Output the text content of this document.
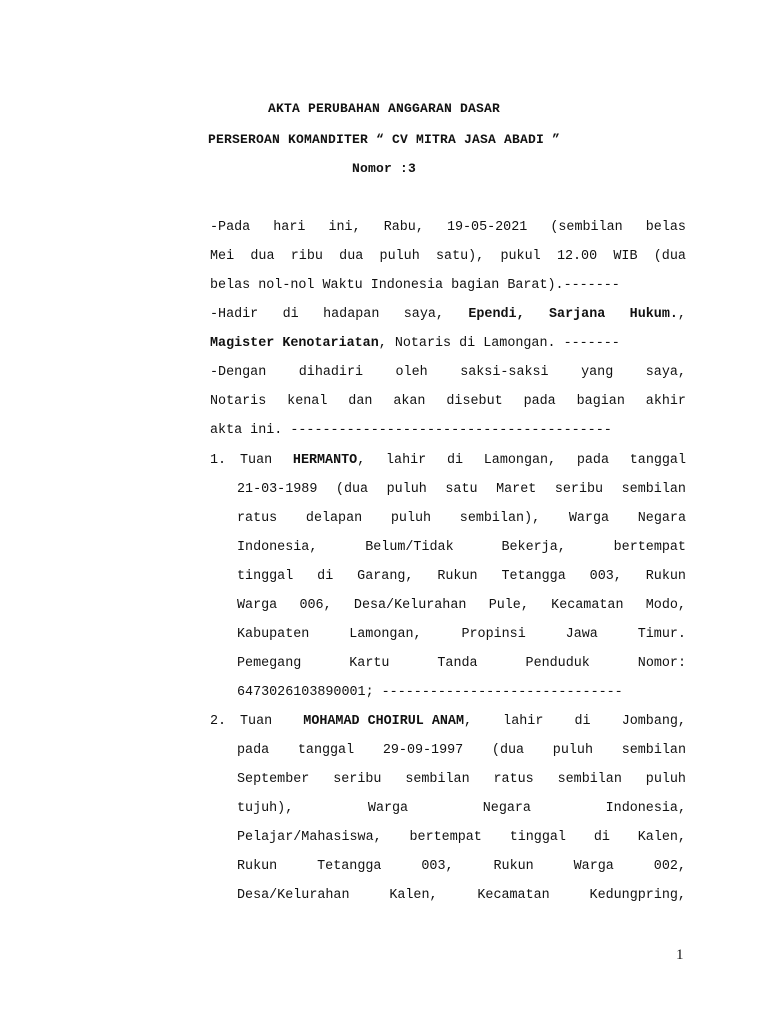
AKTA PERUBAHAN ANGGARAN DASAR
PERSEROAN KOMANDITER “ CV MITRA JASA ABADI ”
Nomor :3
-Pada hari ini, Rabu, 19-05-2021 (sembilan belas
Mei dua ribu dua puluh satu), pukul 12.00 WIB (dua
belas nol-nol Waktu Indonesia bagian Barat).-------
-Hadir di hadapan saya, Ependi, Sarjana Hukum.,
Magister Kenotariatan, Notaris di Lamongan. -------
-Dengan dihadiri oleh saksi-saksi yang saya,
Notaris kenal dan akan disebut pada bagian akhir
akta ini. ----------------------------------------
1. Tuan HERMANTO, lahir di Lamongan, pada tanggal
21-03-1989 (dua puluh satu Maret seribu sembilan
ratus delapan puluh sembilan), Warga Negara
Indonesia,	Belum/Tidak	Bekerja,	bertempat
tinggal di Garang, Rukun Tetangga 003, Rukun
Warga 006, Desa/Kelurahan Pule, Kecamatan Modo,
Kabupaten	Lamongan,	Propinsi	Jawa	Timur.
Pemegang	Kartu	Tanda	Penduduk	Nomor:
6473026103890001; ------------------------------
2. Tuan MOHAMAD CHOIRUL ANAM, lahir di Jombang,
pada tanggal 29-09-1997 (dua puluh sembilan
September seribu sembilan ratus sembilan puluh
tujuh),	Warga	Negara	Indonesia,
Pelajar/Mahasiswa, bertempat tinggal di Kalen,
Rukun	Tetangga	003,	Rukun	Warga	002,
Desa/Kelurahan	Kalen,	Kecamatan	Kedungpring,
1
